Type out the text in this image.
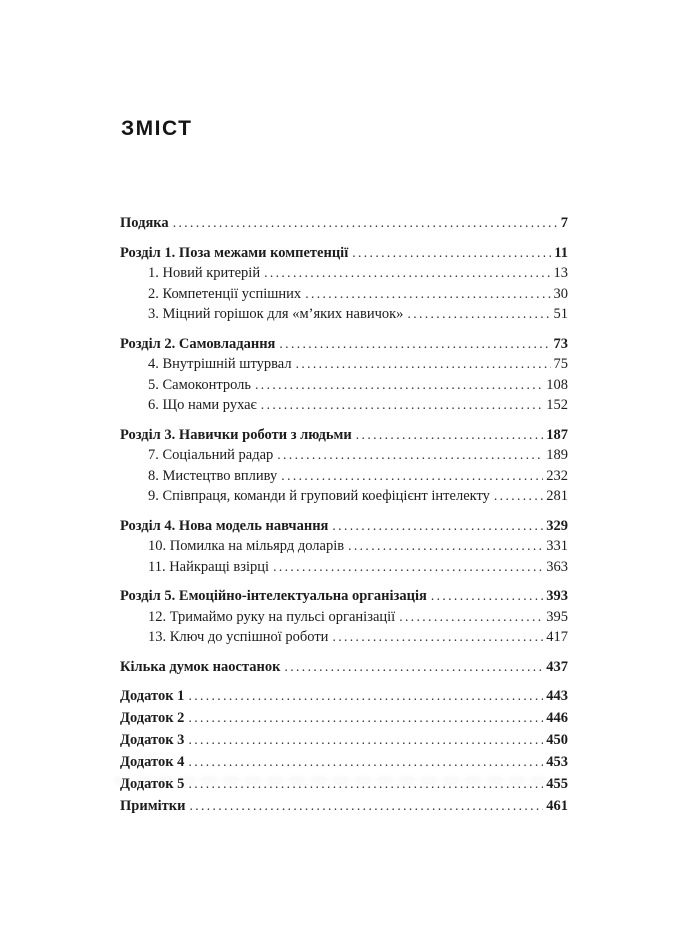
ЗМІСТ
Подяка .....	7
Розділ 1. Поза межами компетенції .....	11
1. Новий критерій .....	13
2. Компетенції успішних .....	30
3. Міцний горішок для «м’яких навичок» .....	51
Розділ 2. Самовладання .....	73
4. Внутрішній штурвал .....	75
5. Самоконтроль .....	108
6. Що нами рухає .....	152
Розділ 3. Навички роботи з людьми .....	187
7. Соціальний радар .....	189
8. Мистецтво впливу .....	232
9. Співпраця, команди й груповий коефіцієнт інтелекту .....	281
Розділ 4. Нова модель навчання .....	329
10. Помилка на мільярд доларів .....	331
11. Найкращі взірці .....	363
Розділ 5. Емоційно-інтелектуальна організація .....	393
12. Тримаймо руку на пульсі організації .....	395
13. Ключ до успішної роботи .....	417
Кілька думок наостанок .....	437
Додаток 1 .....	443
Додаток 2 .....	446
Додаток 3 .....	450
Додаток 4 .....	453
Додаток 5 .....	455
Примітки .....	461
